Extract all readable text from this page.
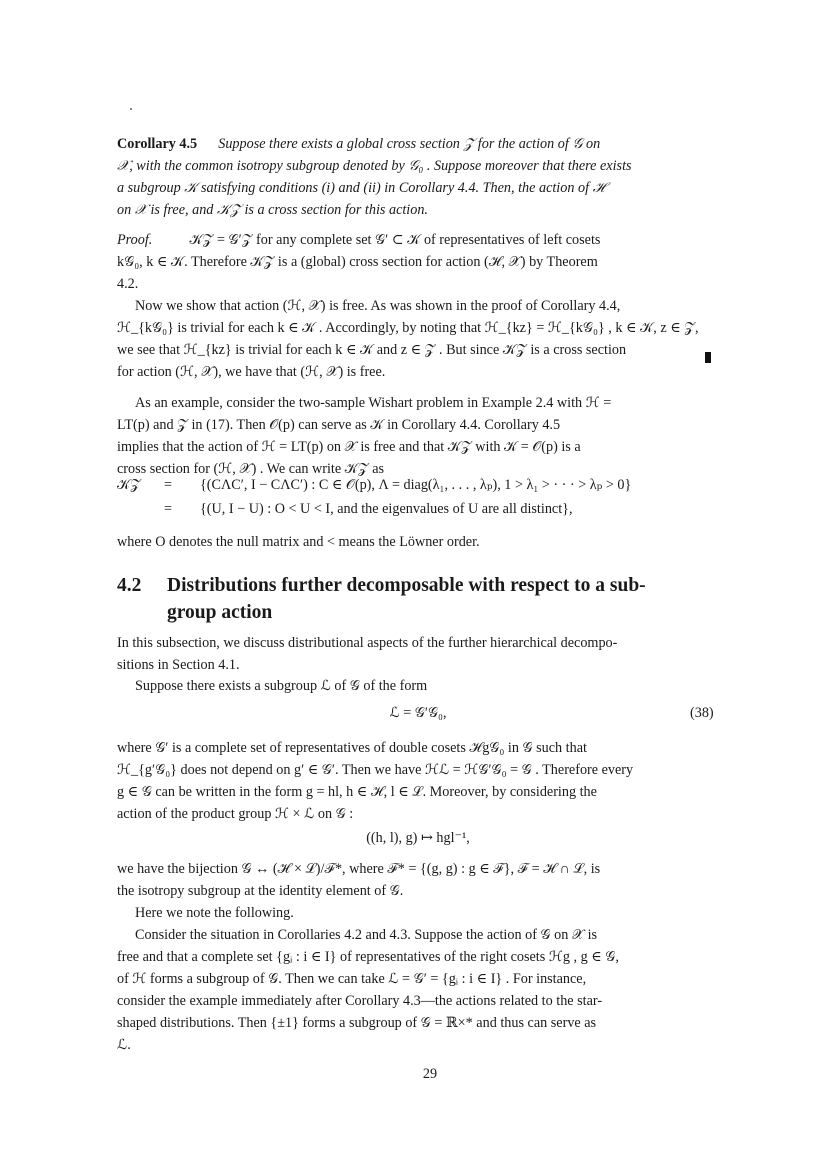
Corollary 4.5 Suppose there exists a global cross section 𝒵 for the action of 𝒢 on
𝒳, with the common isotropy subgroup denoted by 𝒢₀ . Suppose moreover that there exists
a subgroup 𝒦 satisfying conditions (i) and (ii) in Corollary 4.4. Then, the action of ℋ
on 𝒳 is free, and 𝒦𝒵 is a cross section for this action.
Proof.	𝒦𝒵 = 𝒢′𝒵 for any complete set 𝒢′ ⊂ 𝒦 of representatives of left cosets
k𝒢₀, k ∈ 𝒦. Therefore 𝒦𝒵 is a (global) cross section for action (ℋ, 𝒳) by Theorem
4.2.
Now we show that action (ℋ, 𝒳) is free. As was shown in the proof of Corollary 4.4,
ℋ_{k𝒢₀} is trivial for each k ∈ 𝒦 . Accordingly, by noting that ℋ_{kz} = ℋ_{k𝒢₀} , k ∈ 𝒦, z ∈ 𝒵,
we see that ℋ_{kz} is trivial for each k ∈ 𝒦 and z ∈ 𝒵 . But since 𝒦𝒵 is a cross section
for action (ℋ, 𝒳), we have that (ℋ, 𝒳) is free.
As an example, consider the two-sample Wishart problem in Example 2.4 with ℋ =
LT(p) and 𝒵 in (17). Then 𝒪(p) can serve as 𝒦 in Corollary 4.4. Corollary 4.5
implies that the action of ℋ = LT(p) on 𝒳 is free and that 𝒦𝒵 with 𝒦 = 𝒪(p) is a
cross section for (ℋ, 𝒳) . We can write 𝒦𝒵 as
𝒦𝒵 = {(CΛC′, I − CΛC′) : C ∈ 𝒪(p), Λ = diag(λ₁, . . . , λₚ), 1 > λ₁ > · · · > λₚ > 0}
= {(U, I − U) : O < U < I, and the eigenvalues of U are all distinct},
where O denotes the null matrix and < means the Löwner order.
4.2 Distributions further decomposable with respect to a sub-
group action
In this subsection, we discuss distributional aspects of the further hierarchical decompo-
sitions in Section 4.1.
Suppose there exists a subgroup ℒ of 𝒢 of the form
ℒ = 𝒢′𝒢₀,	(38)
where 𝒢′ is a complete set of representatives of double cosets ℋg𝒢₀ in 𝒢 such that
ℋ_{g′𝒢₀} does not depend on g′ ∈ 𝒢′. Then we have ℋℒ = ℋ𝒢′𝒢₀ = 𝒢 . Therefore every
g ∈ 𝒢 can be written in the form g = hl, h ∈ ℋ, l ∈ ℒ. Moreover, by considering the
action of the product group ℋ × ℒ on 𝒢 :
((h, l), g) ↦ hgl⁻¹,
we have the bijection 𝒢 ↔ (ℋ × ℒ)/ℱ*, where ℱ* = {(g, g) : g ∈ ℱ}, ℱ = ℋ ∩ ℒ, is
the isotropy subgroup at the identity element of 𝒢.
Here we note the following.
Consider the situation in Corollaries 4.2 and 4.3. Suppose the action of 𝒢 on 𝒳 is
free and that a complete set {gᵢ : i ∈ I} of representatives of the right cosets ℋg , g ∈ 𝒢,
of ℋ forms a subgroup of 𝒢. Then we can take ℒ = 𝒢′ = {gᵢ : i ∈ I} . For instance,
consider the example immediately after Corollary 4.3—the actions related to the star-
shaped distributions. Then {±1} forms a subgroup of 𝒢 = ℝ×* and thus can serve as
ℒ.
29
